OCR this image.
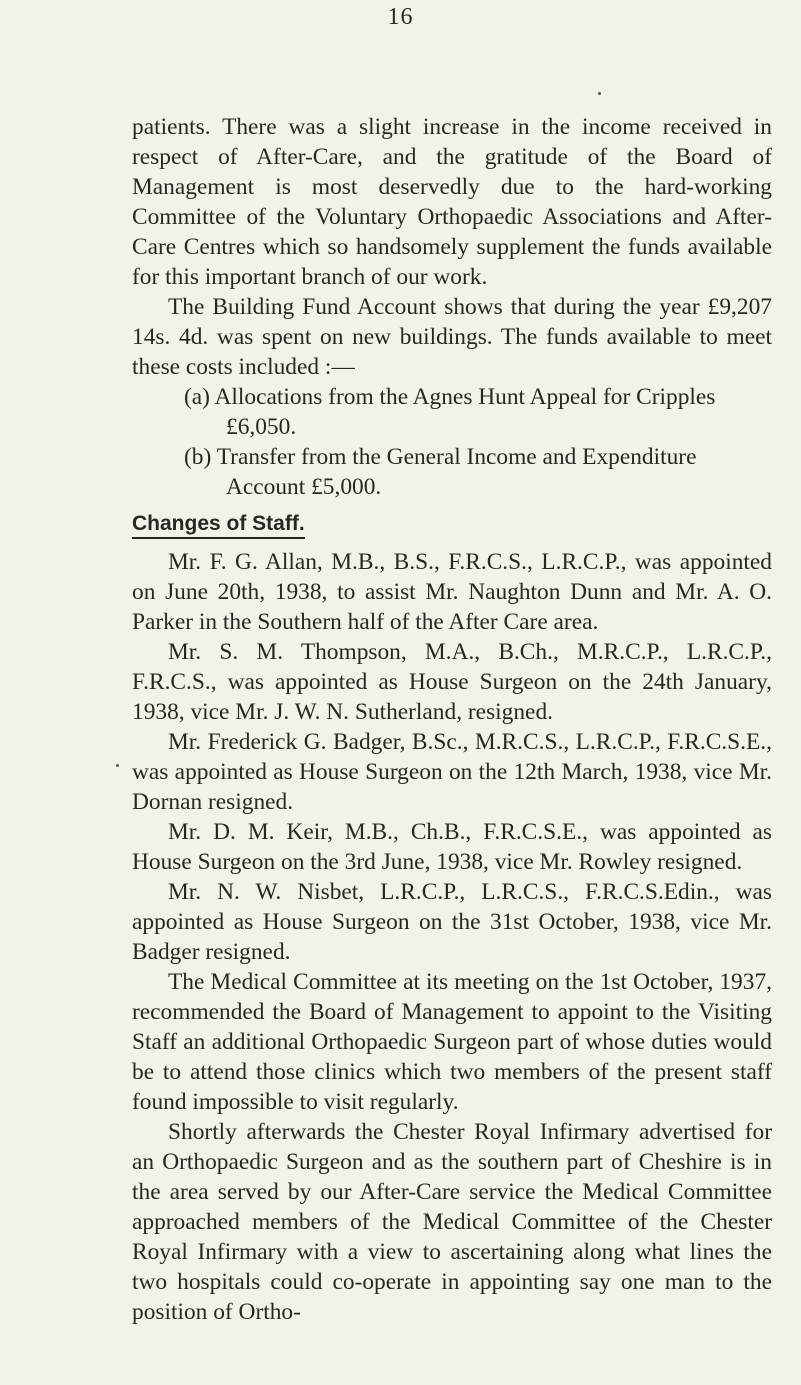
16

patients. There was a slight increase in the income received in respect of After-Care, and the gratitude of the Board of Management is most deservedly due to the hard-working Committee of the Voluntary Orthopaedic Associations and After-Care Centres which so handsomely supplement the funds available for this important branch of our work.

The Building Fund Account shows that during the year £9,207 14s. 4d. was spent on new buildings. The funds available to meet these costs included :—

(a) Allocations from the Agnes Hunt Appeal for Cripples £6,050.

(b) Transfer from the General Income and Expenditure Account £5,000.

Changes of Staff.

Mr. F. G. Allan, M.B., B.S., F.R.C.S., L.R.C.P., was appointed on June 20th, 1938, to assist Mr. Naughton Dunn and Mr. A. O. Parker in the Southern half of the After Care area.

Mr. S. M. Thompson, M.A., B.Ch., M.R.C.P., L.R.C.P., F.R.C.S., was appointed as House Surgeon on the 24th January, 1938, vice Mr. J. W. N. Sutherland, resigned.

Mr. Frederick G. Badger, B.Sc., M.R.C.S., L.R.C.P., F.R.C.S.E., was appointed as House Surgeon on the 12th March, 1938, vice Mr. Dornan resigned.

Mr. D. M. Keir, M.B., Ch.B., F.R.C.S.E., was appointed as House Surgeon on the 3rd June, 1938, vice Mr. Rowley resigned.

Mr. N. W. Nisbet, L.R.C.P., L.R.C.S., F.R.C.S.Edin., was appointed as House Surgeon on the 31st October, 1938, vice Mr. Badger resigned.

The Medical Committee at its meeting on the 1st October, 1937, recommended the Board of Management to appoint to the Visiting Staff an additional Orthopaedic Surgeon part of whose duties would be to attend those clinics which two members of the present staff found impossible to visit regularly.

Shortly afterwards the Chester Royal Infirmary advertised for an Orthopaedic Surgeon and as the southern part of Cheshire is in the area served by our After-Care service the Medical Committee approached members of the Medical Committee of the Chester Royal Infirmary with a view to ascertaining along what lines the two hospitals could co-operate in appointing say one man to the position of Ortho-
